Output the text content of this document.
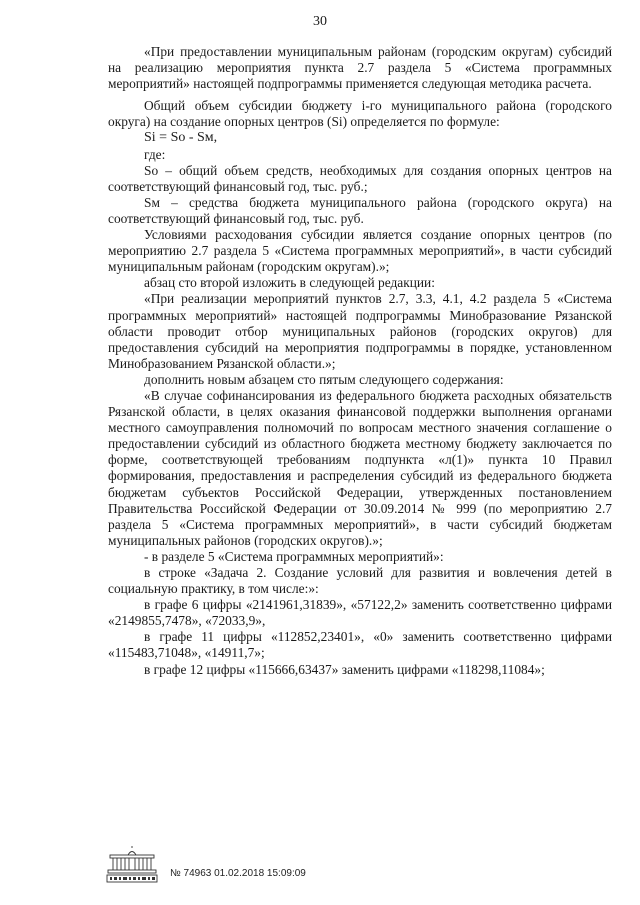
30

«При предоставлении муниципальным районам (городским округам) субсидий на реализацию мероприятия пункта 2.7 раздела 5 «Система программных мероприятий» настоящей подпрограммы применяется следующая методика расчета.

Общий объем субсидии бюджету i-го муниципального района (городского округа) на создание опорных центров (Si) определяется по формуле:

Si = So - Sм,

где:

So – общий объем средств, необходимых для создания опорных центров на соответствующий финансовый год, тыс. руб.;

Sм – средства бюджета муниципального района (городского округа) на соответствующий финансовый год, тыс. руб.

Условиями расходования субсидии является создание опорных центров (по мероприятию 2.7 раздела 5 «Система программных мероприятий», в части субсидий муниципальным районам (городским округам).»;

абзац сто второй изложить в следующей редакции:

«При реализации мероприятий пунктов 2.7, 3.3, 4.1, 4.2 раздела 5 «Система программных мероприятий» настоящей подпрограммы Минобразование Рязанской области проводит отбор муниципальных районов (городских округов) для предоставления субсидий на мероприятия подпрограммы в порядке, установленном Минобразованием Рязанской области.»;

дополнить новым абзацем сто пятым следующего содержания:

«В случае софинансирования из федерального бюджета расходных обязательств Рязанской области, в целях оказания финансовой поддержки выполнения органами местного самоуправления полномочий по вопросам местного значения соглашение о предоставлении субсидий из областного бюджета местному бюджету заключается по форме, соответствующей требованиям подпункта «л(1)» пункта 10 Правил формирования, предоставления и распределения субсидий из федерального бюджета бюджетам субъектов Российской Федерации, утвержденных постановлением Правительства Российской Федерации от 30.09.2014 № 999 (по мероприятию 2.7 раздела 5 «Система программных мероприятий», в части субсидий бюджетам муниципальных районов (городских округов).»;

- в разделе 5 «Система программных мероприятий»:

в строке «Задача 2. Создание условий для развития и вовлечения детей в социальную практику, в том числе:»:

в графе 6 цифры «2141961,31839», «57122,2» заменить соответственно цифрами «2149855,7478», «72033,9»,

в графе 11 цифры «112852,23401», «0» заменить соответственно цифрами «115483,71048», «14911,7»;

в графе 12 цифры «115666,63437» заменить цифрами «118298,11084»;

№ 74963 01.02.2018 15:09:09
